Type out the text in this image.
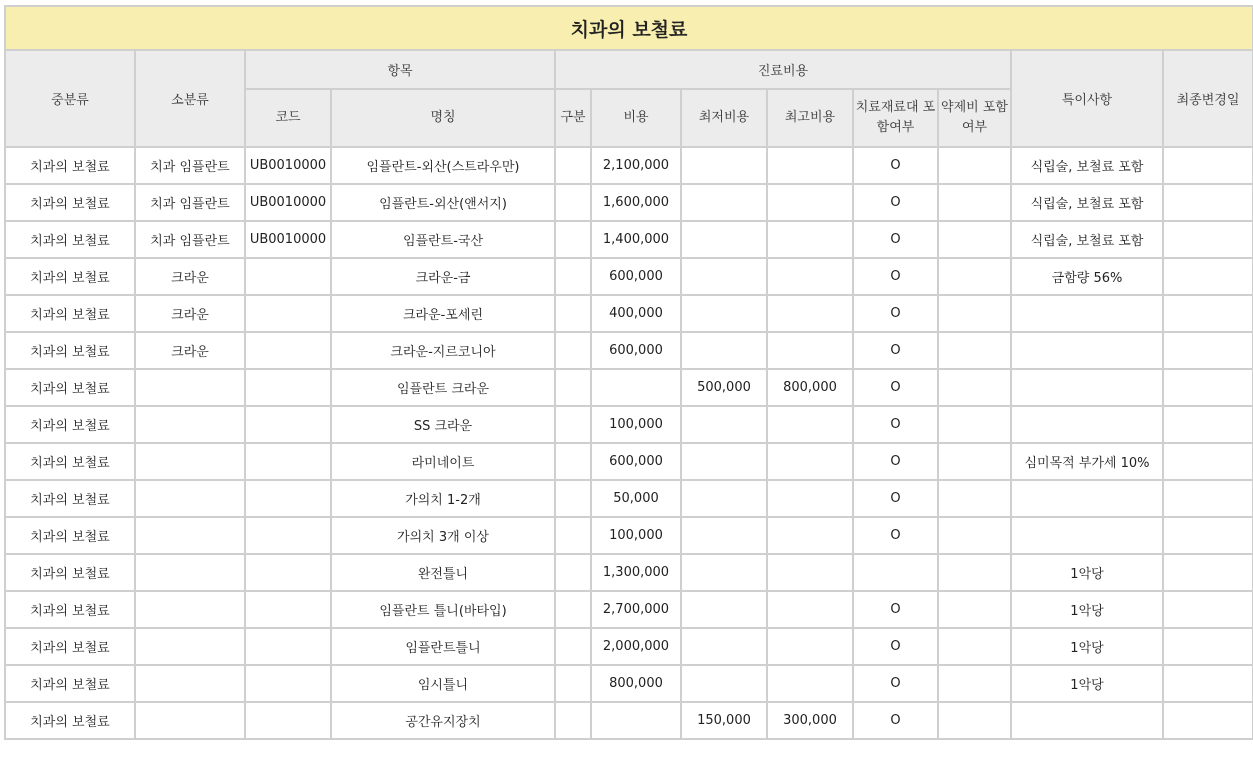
치과의 보철료											
중분류	소분류	항목		진료비용						특이사항	최종변경일
		코드	명칭	구분	비용	최저비용	최고비용	치료재료대 포함여부	약제비 포함여부		
치과의 보철료	치과 임플란트	UB0010000	임플란트-외산(스트라우만)		2,100,000			O		식립술, 보철료 포함	
치과의 보철료	치과 임플란트	UB0010000	임플란트-외산(앤서지)		1,600,000			O		식립술, 보철료 포함	
치과의 보철료	치과 임플란트	UB0010000	임플란트-국산		1,400,000			O		식립술, 보철료 포함	
치과의 보철료	크라운		크라운-금		600,000			O		금함량 56%	
치과의 보철료	크라운		크라운-포세린		400,000			O			
치과의 보철료	크라운		크라운-지르코니아		600,000			O			
치과의 보철료			임플란트 크라운			500,000	800,000	O			
치과의 보철료			SS 크라운		100,000			O			
치과의 보철료			라미네이트		600,000			O		심미목적 부가세 10%	
치과의 보철료			가의치 1-2개		50,000			O			
치과의 보철료			가의치 3개 이상		100,000			O			
치과의 보철료			완전틀니		1,300,000					1악당	
치과의 보철료			임플란트 틀니(바타입)		2,700,000			O		1악당	
치과의 보철료			임플란트틀니		2,000,000			O		1악당	
치과의 보철료			임시틀니		800,000			O		1악당	
치과의 보철료			공간유지장치			150,000	300,000	O			
